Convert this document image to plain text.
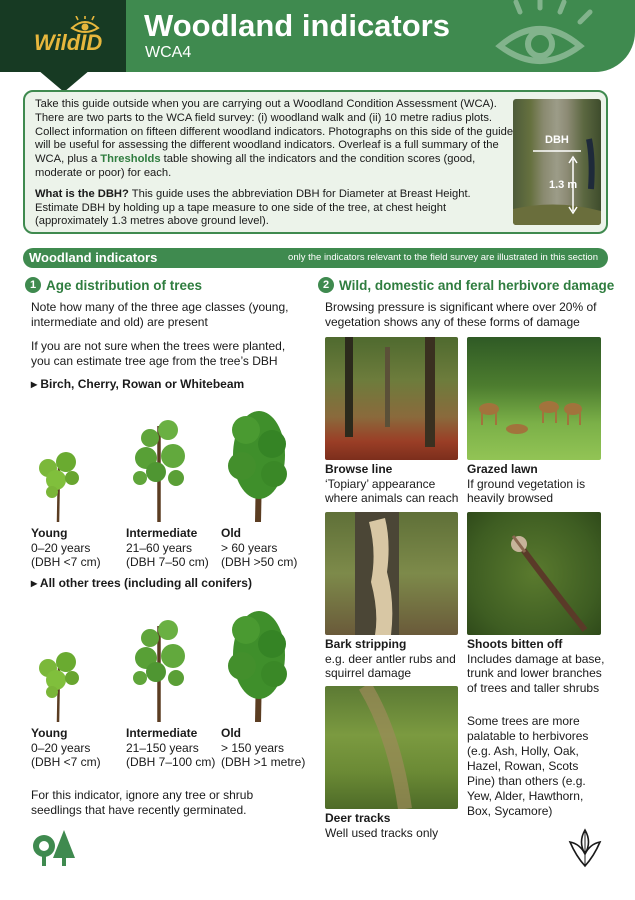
WildID Woodland indicators
WCA4

Take this guide outside when you are carrying out a Woodland Condition Assessment (WCA). There are two parts to the WCA field survey: (i) woodland walk and (ii) 10 metre radius plots. Collect information on fifteen different woodland indicators. Photographs on this side of the guide will be useful for assessing the different woodland indicators. Overleaf is a full summary of the WCA, plus a Thresholds table showing all the indicators and the condition scores (good, moderate or poor) for each.

What is the DBH? This guide uses the abbreviation DBH for Diameter at Breast Height. Estimate DBH by holding up a tape measure to one side of the tree, at chest height (approximately 1.3 metres above ground level).

DBH
1.3 m
Woodland indicators	only the indicators relevant to the field survey are illustrated in this section
1 Age distribution of trees
Note how many of the three age classes (young, intermediate and old) are present
If you are not sure when the trees were planted, you can estimate tree age from the tree’s DBH
▸ Birch, Cherry, Rowan or Whitebeam
Young
0–20 years
(DBH <7 cm)
Intermediate
21–60 years
(DBH 7–50 cm)
Old
> 60 years
(DBH >50 cm)
▸ All other trees (including all conifers)
Young
0–20 years
(DBH <7 cm)
Intermediate
21–150 years
(DBH 7–100 cm)
Old
> 150 years
(DBH >1 metre)
For this indicator, ignore any tree or shrub seedlings that have recently germinated.
2 Wild, domestic and feral herbivore damage
Browsing pressure is significant where over 20% of vegetation shows any of these forms of damage
Browse line
‘Topiary’ appearance where animals can reach
Grazed lawn
If ground vegetation is heavily browsed
Bark stripping
e.g. deer antler rubs and squirrel damage
Shoots bitten off
Includes damage at base, trunk and lower branches of trees and taller shrubs
Some trees are more palatable to herbivores (e.g. Ash, Holly, Oak, Hazel, Rowan, Scots Pine) than others (e.g. Yew, Alder, Hawthorn, Box, Sycamore)
Deer tracks
Well used tracks only
